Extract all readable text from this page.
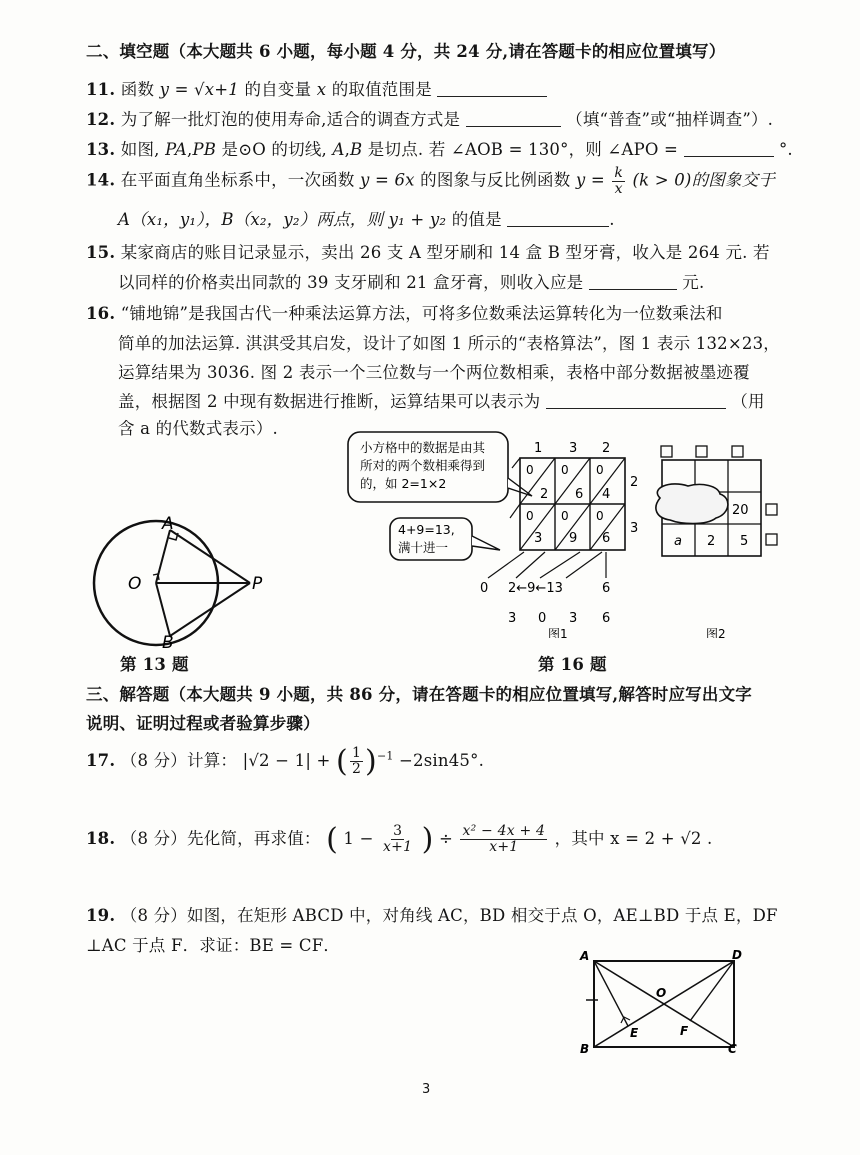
二、填空题（本大题共 6 小题，每小题 4 分，共 24 分,请在答题卡的相应位置填写）
11. 函数 y = √x+1 的自变量 x 的取值范围是
12. 为了解一批灯泡的使用寿命,适合的调查方式是	（填“普查”或“抽样调查”）.
13. 如图, PA,PB 是⊙O 的切线, A,B 是切点. 若 ∠AOB = 130°，则 ∠APO =	°.
14. 在平面直角坐标系中，一次函数 y = 6x 的图象与反比例函数 $y = \frac{k}{x} (k > 0)$的图象交于
A（x₁，y₁），B（x₂，y₂）两点，则 y₁ + y₂ 的值是	.
15. 某家商店的账目记录显示，卖出 26 支 A 型牙刷和 14 盒 B 型牙膏，收入是 264 元. 若
以同样的价格卖出同款的 39 支牙刷和 21 盒牙膏，则收入应是	元.
16. “铺地锦”是我国古代一种乘法运算方法，可将多位数乘法运算转化为一位数乘法和
简单的加法运算. 淇淇受其启发，设计了如图 1 所示的“表格算法”，图 1 表示 132×23，
运算结果为 3036. 图 2 表示一个三位数与一个两位数相乘，表格中部分数据被墨迹覆
盖，根据图 2 中现有数据进行推断，运算结果可以表示为	（用
含 a 的代数式表示）.
A
B
O	P
第 13 题
小方格中的数据是由其
所对的两个数相乘得到
的，如 2=1×2
4+9=13,
满十进一
1 3 2
2
3
0
2
0
6
0
4
0
3
0
9
0
6
0 2←9←13	6
3 0 3 6
图1
20
a 2 5
图2
第 16 题
三、解答题（本大题共 9 小题，共 86 分，请在答题卡的相应位置填写,解答时应写出文字
说明、证明过程或者验算步骤）
17. （8 分）计算： |√2 − 1| + ( $\frac{1}{2} )^{-1} -2\sin 45^\circ$.
18. （8 分）先化简，再求值： ( $1 - \frac{3}{x+1}$ ) ÷ $\frac{\text{x² − 4x + 4}}{x+1}$ ，其中 x = 2 + √2 .
19. （8 分）如图，在矩形 ABCD 中，对角线 AC，BD 相交于点 O，AE⊥BD 于点 E，DF
⊥AC 于点 F．求证：BE = CF．
A
B	C
D
O
E	F
3
